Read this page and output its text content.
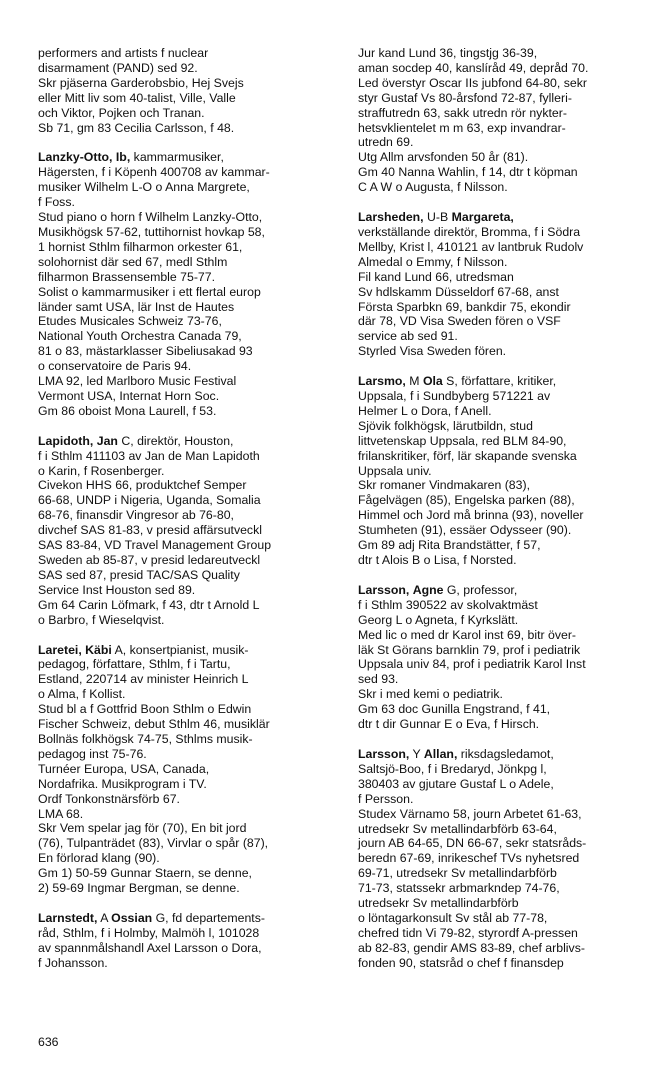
performers and artists f nuclear
disarmament (PAND) sed 92.
Skr pjäserna Garderobsbio, Hej Svejs
eller Mitt liv som 40-talist, Ville, Valle
och Viktor, Pojken och Tranan.
Sb 71, gm 83 Cecilia Carlsson, f 48.
Lanzky-Otto, Ib, kammarmusiker,
Hägersten, f i Köpenh 400708 av kammar-
musiker Wilhelm L-O o Anna Margrete,
f Foss.
Stud piano o horn f Wilhelm Lanzky-Otto,
Musikhögsk 57-62, tuttihornist hovkap 58,
1 hornist Sthlm filharmon orkester 61,
solohornist där sed 67, medl Sthlm
filharmon Brassensemble 75-77.
Solist o kammarmusiker i ett flertal europ
länder samt USA, lär Inst de Hautes
Etudes Musicales Schweiz 73-76,
National Youth Orchestra Canada 79,
81 o 83, mästarklasser Sibeliusakad 93
o conservatoire de Paris 94.
LMA 92, led Marlboro Music Festival
Vermont USA, Internat Horn Soc.
Gm 86 oboist Mona Laurell, f 53.
Lapidoth, Jan C, direktör, Houston,
f i Sthlm 411103 av Jan de Man Lapidoth
o Karin, f Rosenberger.
Civekon HHS 66, produktchef Semper
66-68, UNDP i Nigeria, Uganda, Somalia
68-76, finansdir Vingresor ab 76-80,
divchef SAS 81-83, v presid affärsutveckl
SAS 83-84, VD Travel Management Group
Sweden ab 85-87, v presid ledareutveckl
SAS sed 87, presid TAC/SAS Quality
Service Inst Houston sed 89.
Gm 64 Carin Löfmark, f 43, dtr t Arnold L
o Barbro, f Wieselqvist.
Laretei, Käbi A, konsertpianist, musik-
pedagog, författare, Sthlm, f i Tartu,
Estland, 220714 av minister Heinrich L
o Alma, f Kollist.
Stud bl a f Gottfrid Boon Sthlm o Edwin
Fischer Schweiz, debut Sthlm 46, musiklär
Bollnäs folkhögsk 74-75, Sthlms musik-
pedagog inst 75-76.
Turnéer Europa, USA, Canada,
Nordafrika. Musikprogram i TV.
Ordf Tonkonstnärsförb 67.
LMA 68.
Skr Vem spelar jag för (70), En bit jord
(76), Tulpanträdet (83), Virvlar o spår (87),
En förlorad klang (90).
Gm 1) 50-59 Gunnar Staern, se denne,
2) 59-69 Ingmar Bergman, se denne.
Larnstedt, A Ossian G, fd departements-
råd, Sthlm, f i Holmby, Malmöh l, 101028
av spannmålshandl Axel Larsson o Dora,
f Johansson.
Jur kand Lund 36, tingstjg 36-39,
aman socdep 40, kanslíråd 49, depråd 70.
Led överstyr Oscar IIs jubfond 64-80, sekr
styr Gustaf Vs 80-årsfond 72-87, fylleri-
straffutredn 63, sakk utredn rör nykter-
hetsvklientelet m m 63, exp invandrar-
utredn 69.
Utg Allm arvsfonden 50 år (81).
Gm 40 Nanna Wahlin, f 14, dtr t köpman
C A W o Augusta, f Nilsson.
Larsheden, U-B Margareta,
verkställande direktör, Bromma, f i Södra
Mellby, Krist l, 410121 av lantbruk Rudolv
Almedal o Emmy, f Nilsson.
Fil kand Lund 66, utredsman
Sv hdlskamm Düsseldorf 67-68, anst
Första Sparbkn 69, bankdir 75, ekondir
där 78, VD Visa Sweden fören o VSF
service ab sed 91.
Styrled Visa Sweden fören.
Larsmo, M Ola S, författare, kritiker,
Uppsala, f i Sundbyberg 571221 av
Helmer L o Dora, f Anell.
Sjövik folkhögsk, lärutbildn, stud
littvetenskap Uppsala, red BLM 84-90,
frilanskritiker, förf, lär skapande svenska
Uppsala univ.
Skr romaner Vindmakaren (83),
Fågelvägen (85), Engelska parken (88),
Himmel och Jord må brinna (93), noveller
Stumheten (91), essäer Odysseer (90).
Gm 89 adj Rita Brandstätter, f 57,
dtr t Alois B o Lisa, f Norsted.
Larsson, Agne G, professor,
f i Sthlm 390522 av skolvaktmäst
Georg L o Agneta, f Kyrkslätt.
Med lic o med dr Karol inst 69, bitr över-
läk St Görans barnklin 79, prof i pediatrik
Uppsala univ 84, prof i pediatrik Karol Inst
sed 93.
Skr i med kemi o pediatrik.
Gm 63 doc Gunilla Engstrand, f 41,
dtr t dir Gunnar E o Eva, f Hirsch.
Larsson, Y Allan, riksdagsledamot,
Saltsjö-Boo, f i Bredaryd, Jönkpg l,
380403 av gjutare Gustaf L o Adele,
f Persson.
Studex Värnamo 58, journ Arbetet 61-63,
utredsekr Sv metallindarbförb 63-64,
journ AB 64-65, DN 66-67, sekr statsråds-
beredn 67-69, inrikeschef TVs nyhetsred
69-71, utredsekr Sv metallindarbförb
71-73, statssekr arbmarkndep 74-76,
utredsekr Sv metallindarbförb
o löntagarkonsult Sv stål ab 77-78,
chefred tidn Vi 79-82, styrordf A-pressen
ab 82-83, gendir AMS 83-89, chef arblivs-
fonden 90, statsråd o chef f finansdep
636
